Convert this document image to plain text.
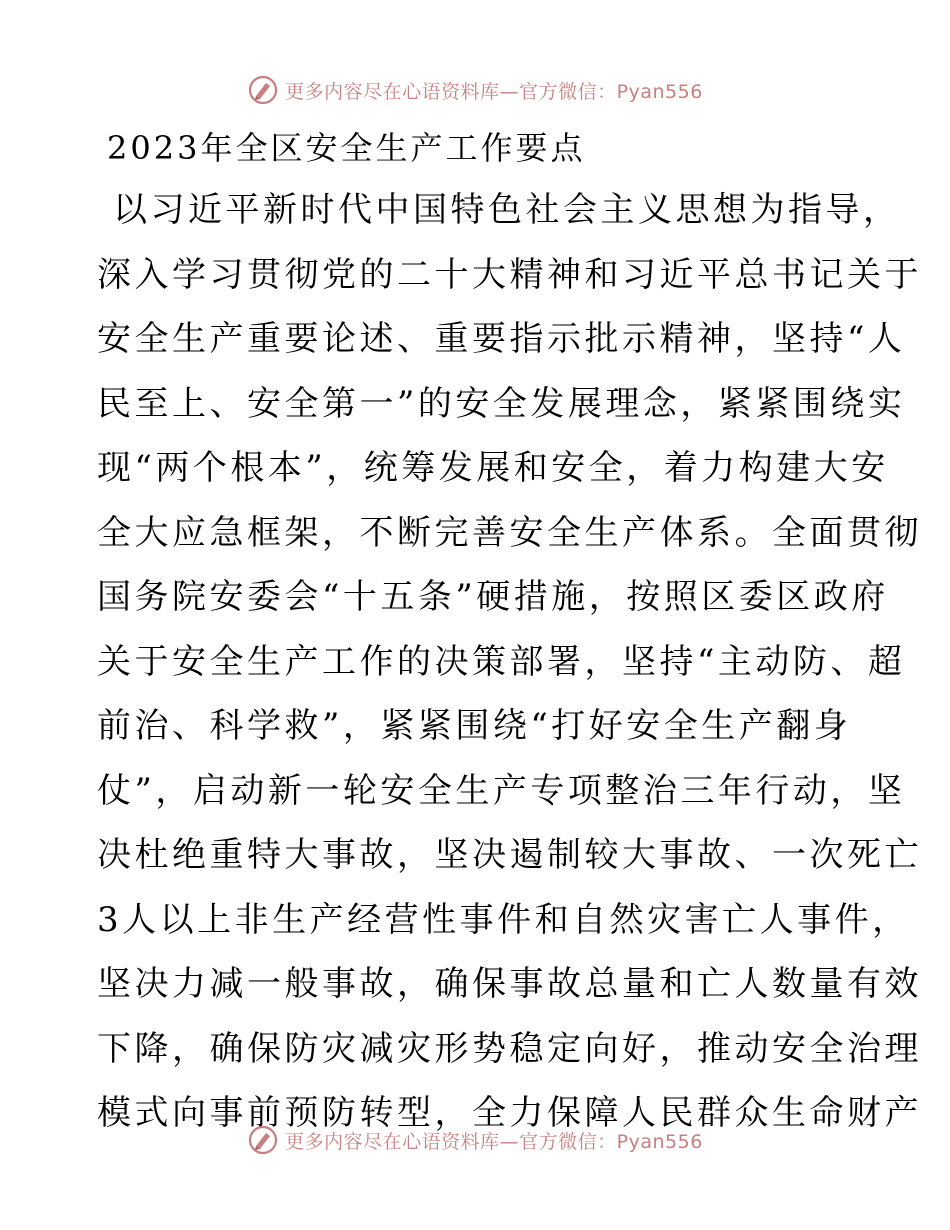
更多内容尽在心语资料库—官方微信：Pyan556
2023年全区安全生产工作要点
以习近平新时代中国特色社会主义思想为指导，
深入学习贯彻党的二十大精神和习近平总书记关于
安全生产重要论述、重要指示批示精神，坚持“人
民至上、安全第一”的安全发展理念，紧紧围绕实
现“两个根本”，统筹发展和安全，着力构建大安
全大应急框架，不断完善安全生产体系。全面贯彻
国务院安委会“十五条”硬措施，按照区委区政府
关于安全生产工作的决策部署，坚持“主动防、超
前治、科学救”，紧紧围绕“打好安全生产翻身
仗”，启动新一轮安全生产专项整治三年行动，坚
决杜绝重特大事故，坚决遏制较大事故、一次死亡
3人以上非生产经营性事件和自然灾害亡人事件，
坚决力减一般事故，确保事故总量和亡人数量有效
下降，确保防灾减灾形势稳定向好，推动安全治理
模式向事前预防转型，全力保障人民群众生命财产
更多内容尽在心语资料库—官方微信：Pyan556
